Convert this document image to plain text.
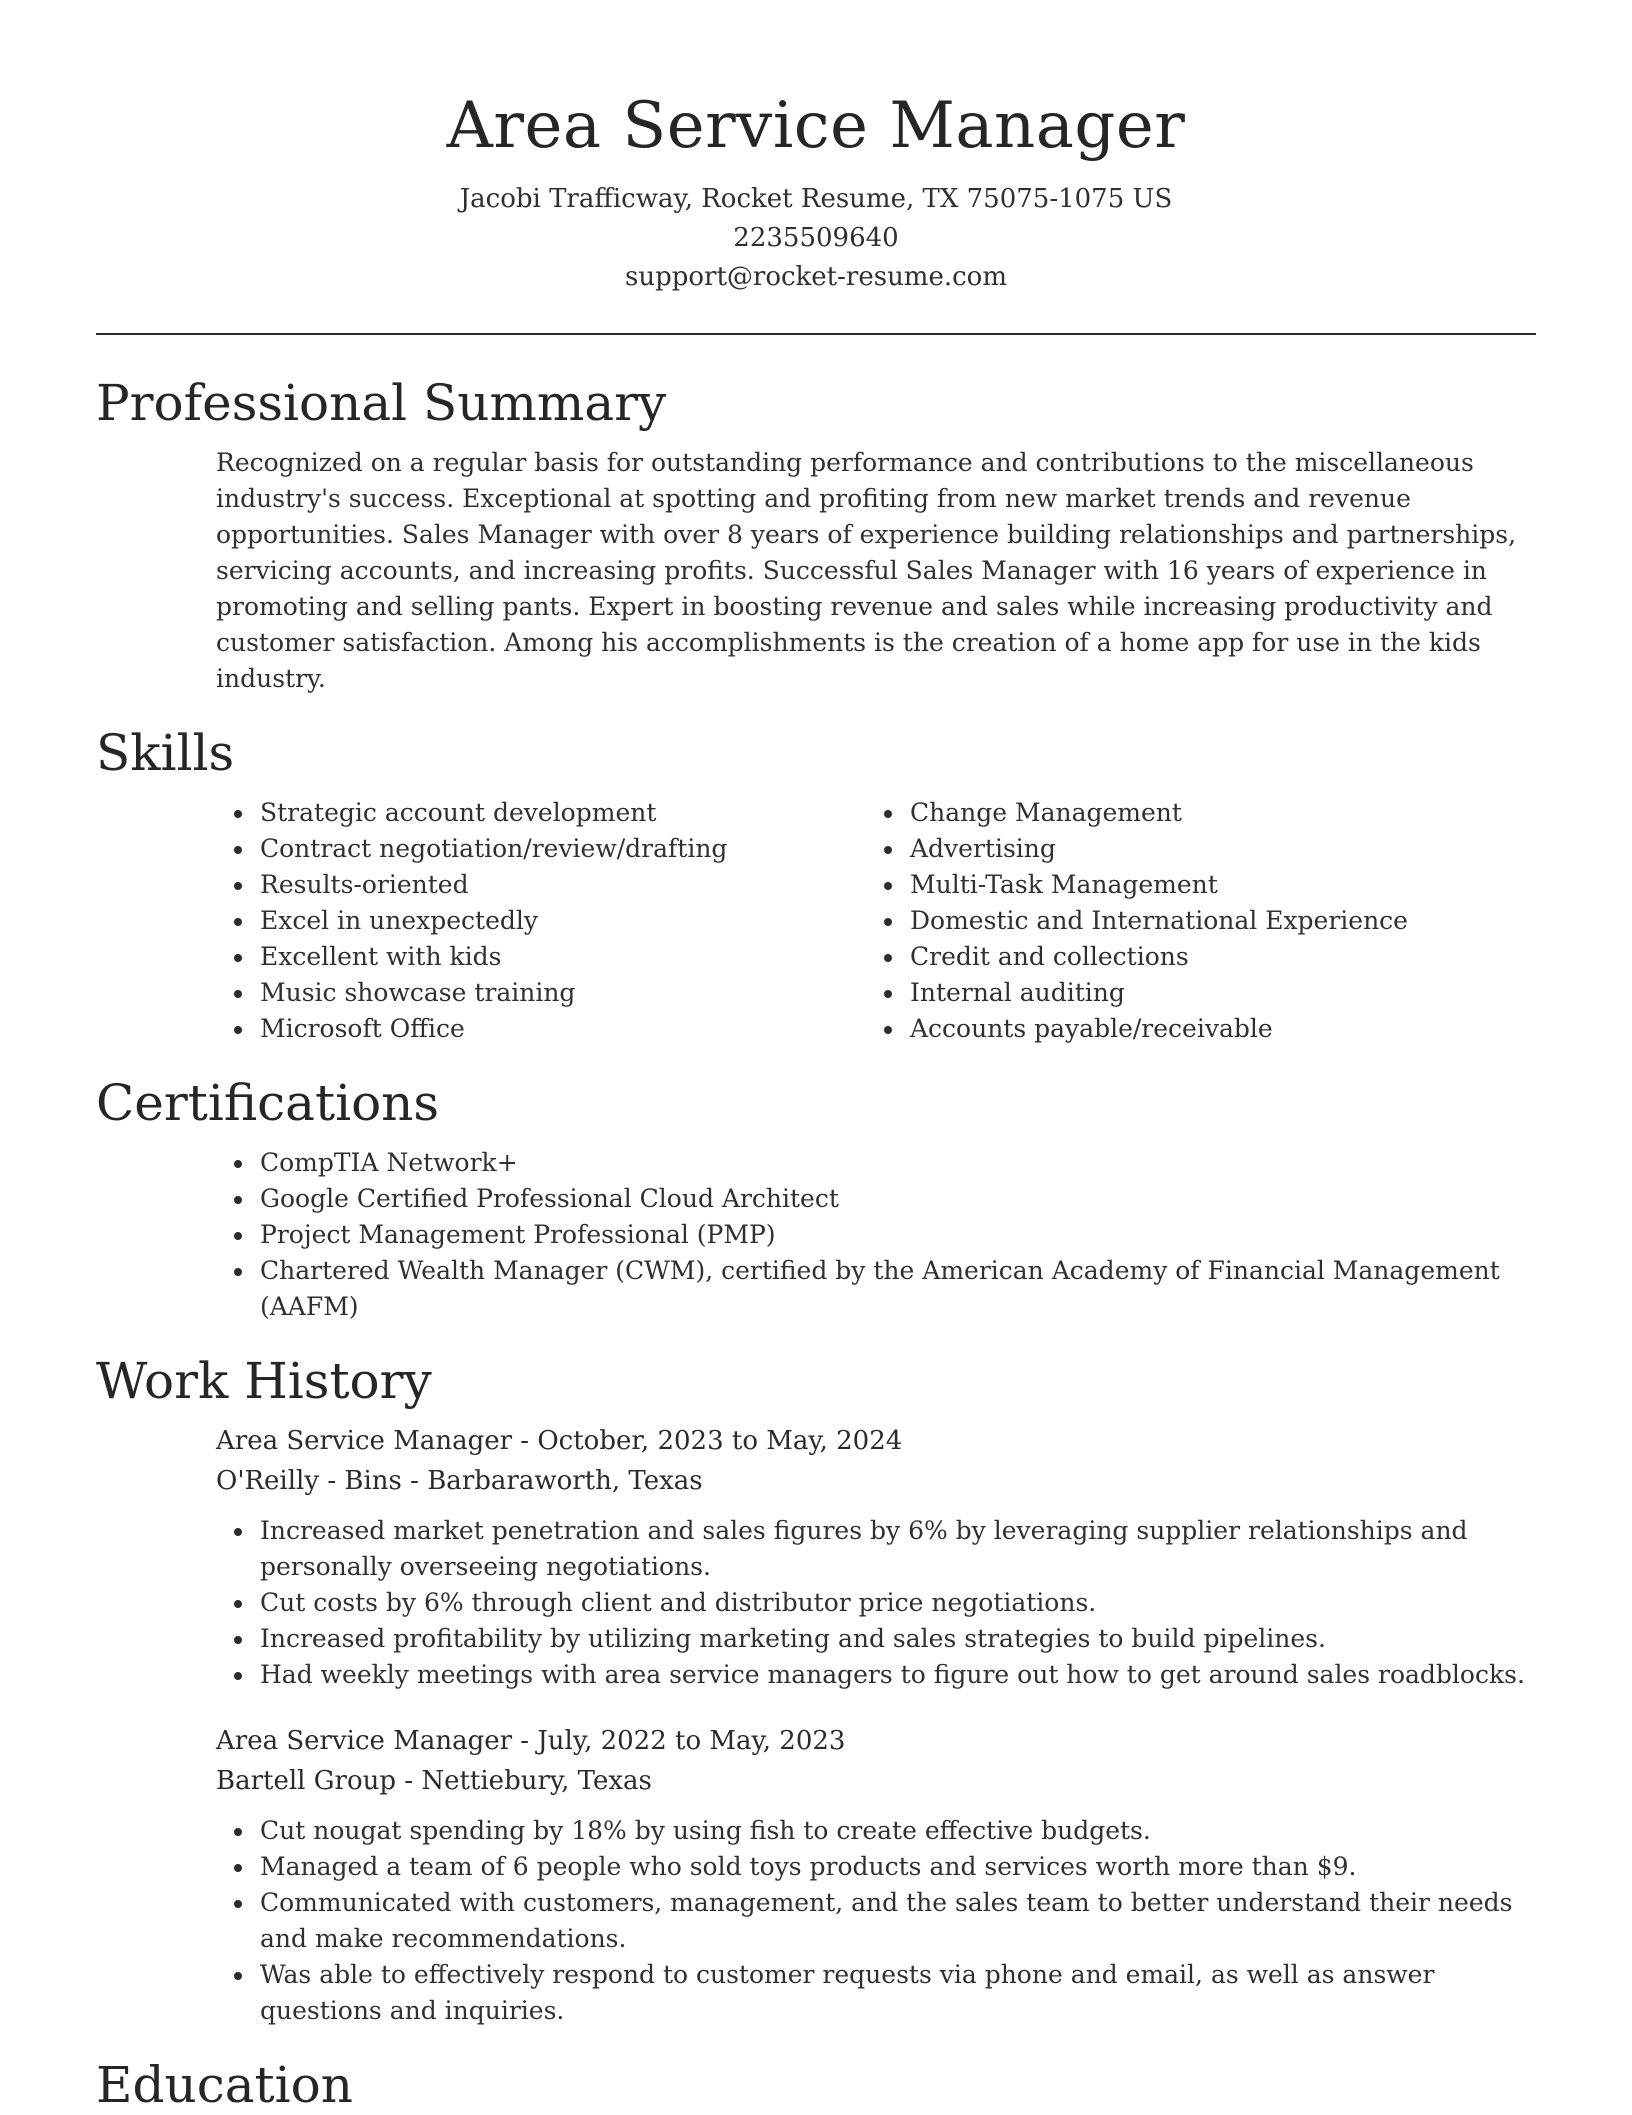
Area Service Manager
Jacobi Trafficway, Rocket Resume, TX 75075-1075 US
2235509640
support@rocket-resume.com
Professional Summary

Recognized on a regular basis for outstanding performance and contributions to the miscellaneous industry's success. Exceptional at spotting and profiting from new market trends and revenue opportunities. Sales Manager with over 8 years of experience building relationships and partnerships, servicing accounts, and increasing profits. Successful Sales Manager with 16 years of experience in promoting and selling pants. Expert in boosting revenue and sales while increasing productivity and customer satisfaction. Among his accomplishments is the creation of a home app for use in the kids industry.

Skills
Strategic account development
Contract negotiation/review/drafting
Results-oriented
Excel in unexpectedly
Excellent with kids
Music showcase training
Microsoft Office
Change Management
Advertising
Multi-Task Management
Domestic and International Experience
Credit and collections
Internal auditing
Accounts payable/receivable
Certifications
CompTIA Network+
Google Certified Professional Cloud Architect
Project Management Professional (PMP)
Chartered Wealth Manager (CWM), certified by the American Academy of Financial Management (AAFM)
Work History
Area Service Manager - October, 2023 to May, 2024
O'Reilly - Bins - Barbaraworth, Texas
Increased market penetration and sales figures by 6% by leveraging supplier relationships and personally overseeing negotiations.
Cut costs by 6% through client and distributor price negotiations.
Increased profitability by utilizing marketing and sales strategies to build pipelines.
Had weekly meetings with area service managers to figure out how to get around sales roadblocks.
Area Service Manager - July, 2022 to May, 2023
Bartell Group - Nettiebury, Texas
Cut nougat spending by 18% by using fish to create effective budgets.
Managed a team of 6 people who sold toys products and services worth more than $9.
Communicated with customers, management, and the sales team to better understand their needs and make recommendations.
Was able to effectively respond to customer requests via phone and email, as well as answer questions and inquiries.
Education
